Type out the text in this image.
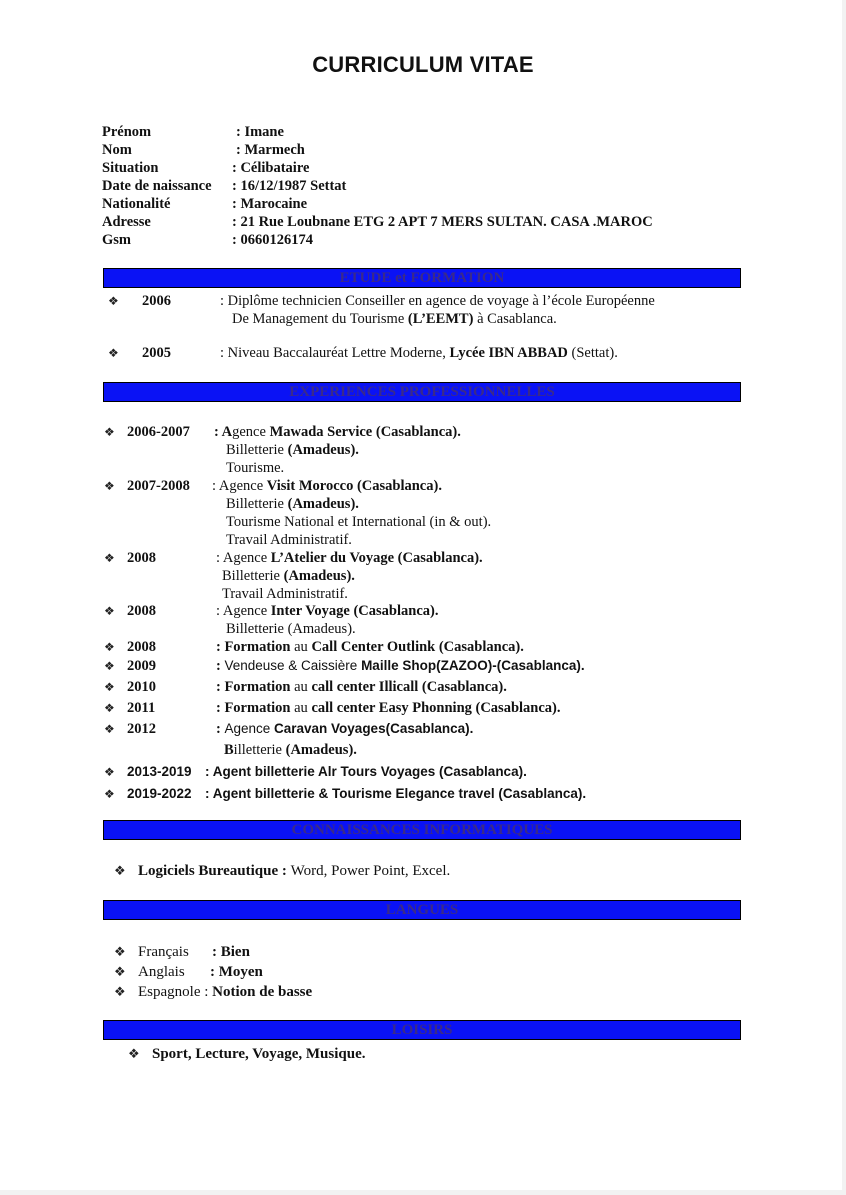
CURRICULUM VITAE
Prénom	: Imane
Nom	: Marmech
Situation	: Célibataire
Date de naissance	: 16/12/1987 Settat
Nationalité	: Marocaine
Adresse	: 21 Rue Loubnane ETG 2 APT 7 MERS SULTAN. CASA .MAROC
Gsm	: 0660126174
ETUDE et FORMATION
❖ 2006	: Diplôme technicien Conseiller en agence de voyage à l’école Européenne
De Management du Tourisme (L’EEMT) à Casablanca.
❖ 2005	: Niveau Baccalauréat Lettre Moderne, Lycée IBN ABBAD (Settat).
EXPERIENCES PROFESSIONNELLES
❖ 2006-2007 : Agence Mawada Service (Casablanca).
Billetterie (Amadeus).
Tourisme.
❖ 2007-2008 : Agence Visit Morocco (Casablanca).
Billetterie (Amadeus).
Tourisme National et International (in & out).
Travail Administratif.
❖ 2008	: Agence L’Atelier du Voyage (Casablanca).
Billetterie (Amadeus).
Travail Administratif.
❖ 2008	: Agence Inter Voyage (Casablanca).
Billetterie (Amadeus).
❖ 2008	: Formation au Call Center Outlink (Casablanca).
❖ 2009	: Vendeuse & Caissière Maille Shop(ZAZOO)-(Casablanca).
❖ 2010	: Formation au call center Illicall (Casablanca).
❖ 2011	: Formation au call center Easy Phonning (Casablanca).
❖ 2012	: Agence Caravan Voyages(Casablanca).
Billetterie (Amadeus).
❖ 2013-2019 : Agent billetterie Alr Tours Voyages (Casablanca).
❖ 2019-2022 : Agent billetterie & Tourisme Elegance travel (Casablanca).
CONNAISSANCES INFORMATIQUES
❖ Logiciels Bureautique : Word, Power Point, Excel.
LANGUES
❖ Français: Bien
❖ Anglais: Moyen
❖ Espagnole : Notion de basse
LOISIRS
❖ Sport, Lecture, Voyage, Musique.
